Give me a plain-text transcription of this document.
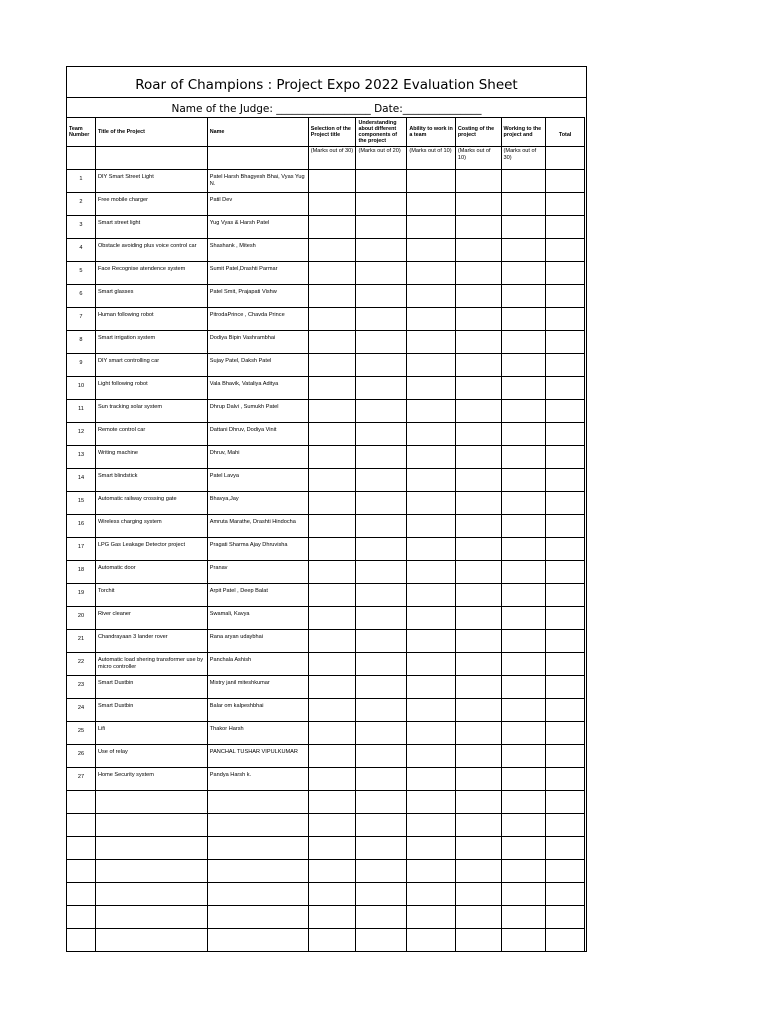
Roar of Champions : Project Expo 2022 Evaluation Sheet
Name of the Judge: __________________ Date:_______________
Team Number	Title of the Project	Name	Selection of the Project title	Understanding about different components of the project	Ability to work in a team	Costing of the project	Working to the project and	Total
			(Marks out of 30)	(Marks out of 20)	(Marks out of 10)	(Marks out of 10)	(Marks out of 30)	
1	DIY Smart Street Light	Patel Harsh Bhagyesh Bhai, Vyas Yug N.						
2	Free mobile charger	Patil Dev						
3	Smart street light	Yug Vyas & Harsh Patel						
4	Obstacle avoiding plus voice control car	Shashank , Mitesh						
5	Face Recognise atendence system	Sumit Patel,Drashti Parmar						
6	Smart glasses	Patel Smit, Prajapati Vishw						
7	Human following robot	PitrodaPrince , Chavda Prince						
8	Smart irrigation system	Dodiya Bipin Vashrambhai						
9	DIY smart controlling car	Sujay Patel, Daksh Patel						
10	Light following robot	Vala Bhavik, Vataliya Aditya						
11	Sun tracking solar system	Dhrup Dalvi , Sumukh Patel						
12	Remote control car	Dattani Dhruv, Dodiya Vinit						
13	Writing machine	Dhruv, Mahi						
14	Smart blindstick	Patel Lavya						
15	Automatic railway crossing gate	Bhavya,Jay						
16	Wireless charging system	Amruta Marathe, Drashti Hindocha						
17	LPG Gas Leakage Detector project	Pragati Sharma Ajay Dhruvisha						
18	Automatic door	Pranav						
19	Torchit	Arpit Patel , Deep Balat						
20	River cleaner	Swamali, Kavya						
21	Chandrayaan 3 lander rover	Rana aryan udaybhai						
22	Automatic load shering transformer use by micro controller	Panchala Ashish						
23	Smart Dustbin	Mistry janil miteshkumar						
24	Smart Dustbin	Balar om kalpeshbhai						
25	Lifi	Thakor Harsh						
26	Use of relay	PANCHAL TUSHAR VIPULKUMAR						
27	Home Security system	Pandya Harsh k.						
